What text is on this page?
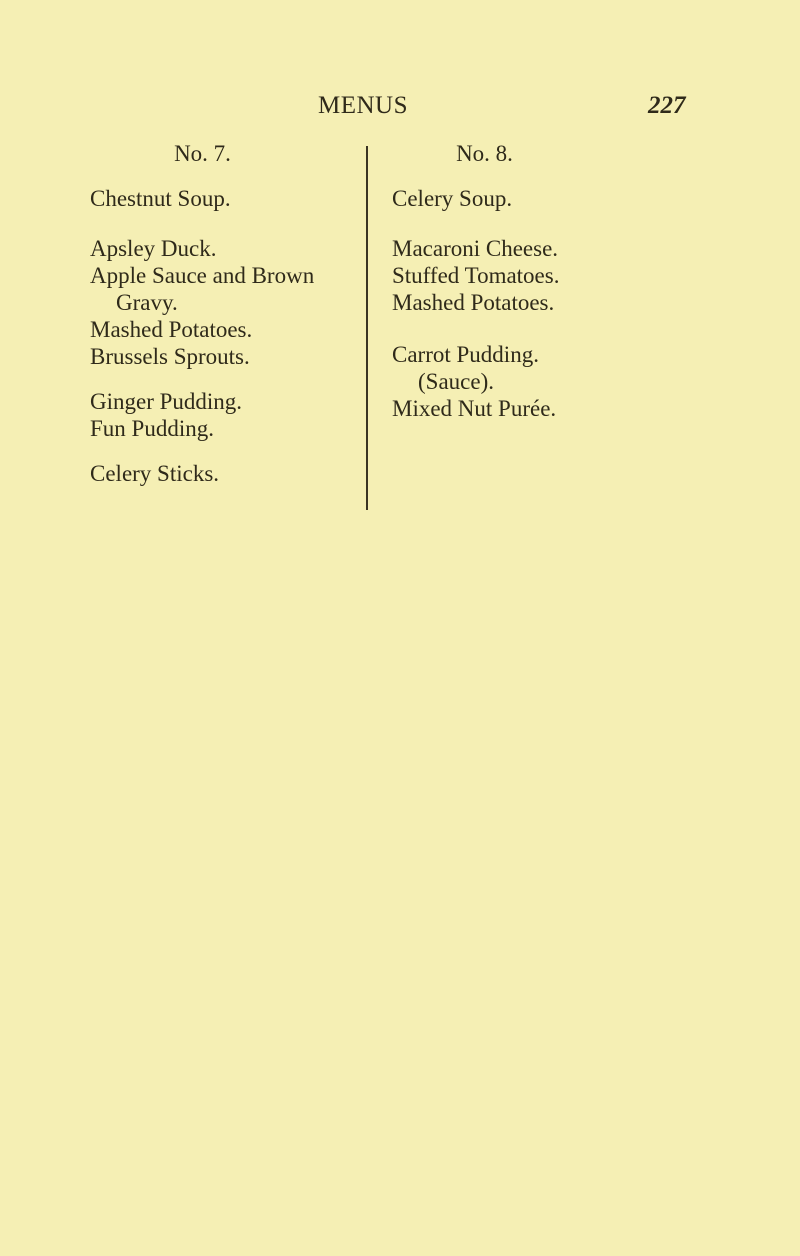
MENUS	227
No. 7.
Chestnut Soup.
Apsley Duck.
Apple Sauce and Brown
Gravy.
Mashed Potatoes.
Brussels Sprouts.
Ginger Pudding.
Fun Pudding.
Celery Sticks.
No. 8.
Celery Soup.
Macaroni Cheese.
Stuffed Tomatoes.
Mashed Potatoes.
Carrot Pudding.
(Sauce).
Mixed Nut Purée.
